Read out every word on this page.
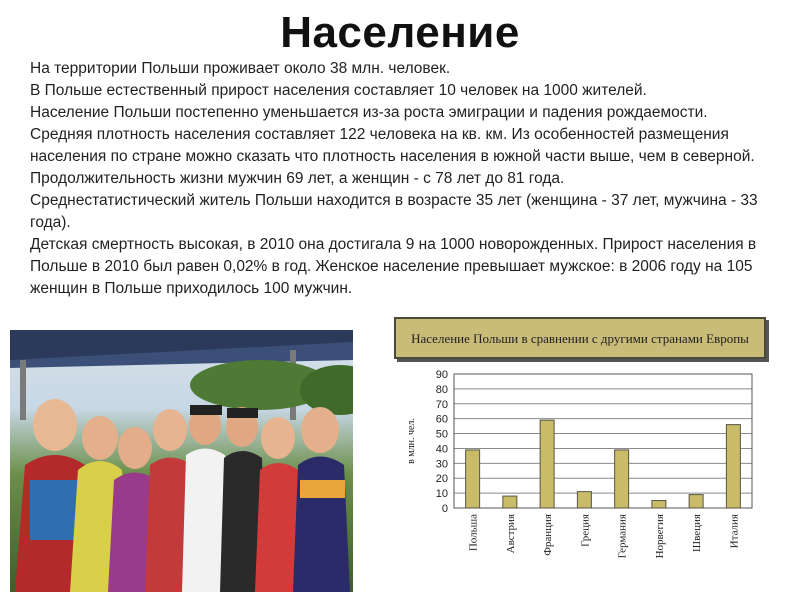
Население

На территории Польши проживает около 38 млн. человек.

В Польше естественный прирост населения составляет 10 человек на 1000 жителей.

Население Польши постепенно уменьшается из-за роста эмиграции и падения рождаемости.

Средняя плотность населения составляет 122 человека на кв. км. Из особенностей размещения населения по стране можно сказать что плотность населения в южной части выше, чем в северной.

Продолжительность жизни мужчин 69 лет, а женщин - с 78 лет до 81 года.

Среднестатистический житель Польши находится в возрасте 35 лет (женщина - 37 лет, мужчина - 33 года).

Детская смертность высокая, в 2010 она достигала 9 на 1000 новорожденных. Прирост населения в Польше в 2010 был равен 0,02% в год. Женское население превышает мужское: в 2006 году на 105 женщин в Польше приходилось 100 мужчин.

Население Польши в сравнении с другими странами Европы
0
10
20
30
40
50
60
70
80
90
в млн. чел.
Польша Австрия Франция Греция Германия Норвегия Швеция Италия
